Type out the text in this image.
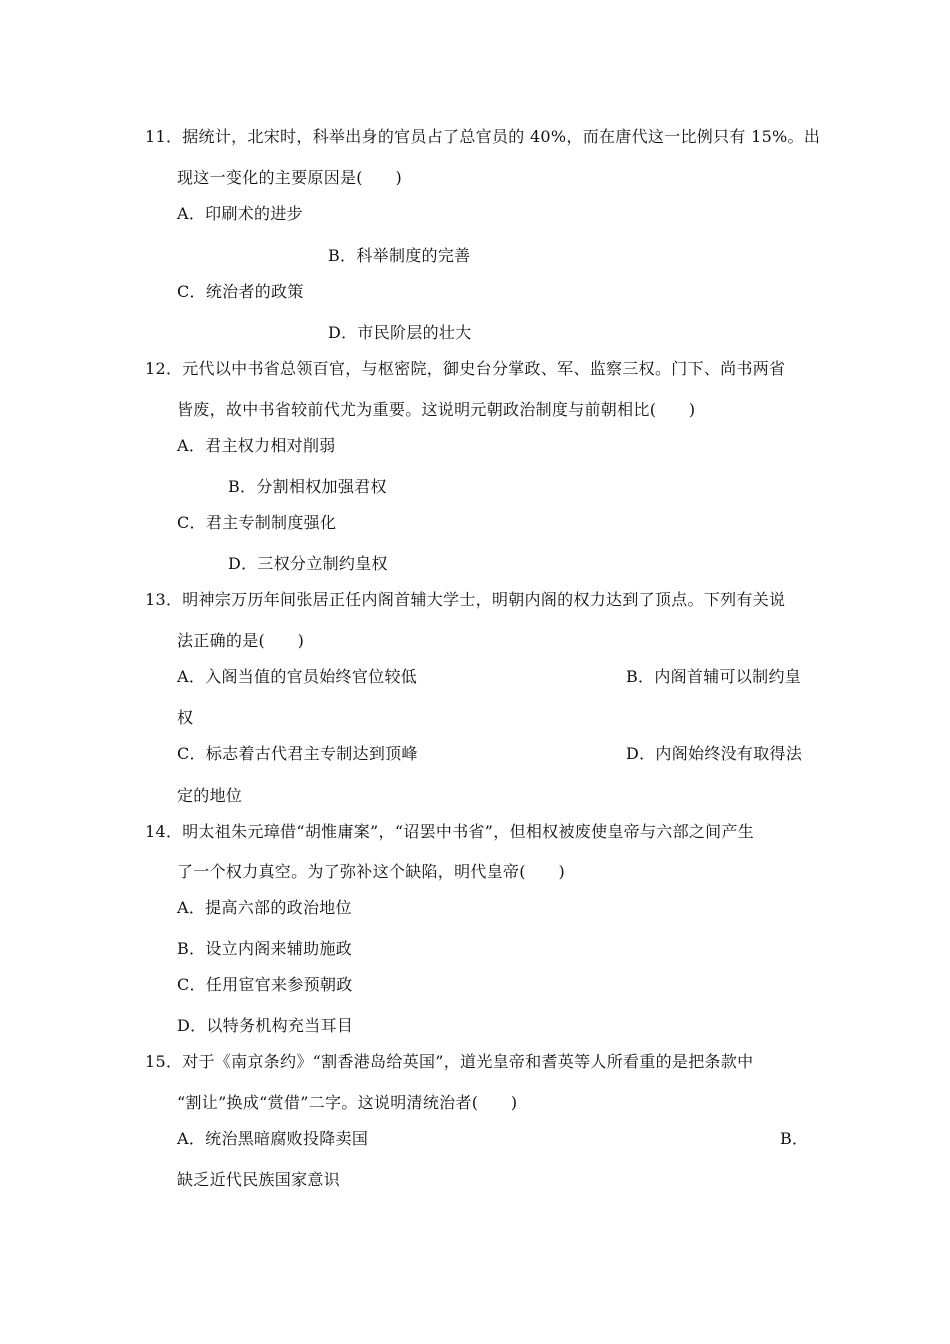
11．据统计，北宋时，科举出身的官员占了总官员的 40%，而在唐代这一比例只有 15%。出
现这一变化的主要原因是(　　)
A．印刷术的进步
B．科举制度的完善
C．统治者的政策
D．市民阶层的壮大
12．元代以中书省总领百官，与枢密院，御史台分掌政、军、监察三权。门下、尚书两省
皆废，故中书省较前代尤为重要。这说明元朝政治制度与前朝相比(　　)
A．君主权力相对削弱
B．分割相权加强君权
C．君主专制制度强化
D．三权分立制约皇权
13．明神宗万历年间张居正任内阁首辅大学士，明朝内阁的权力达到了顶点。下列有关说
法正确的是(　　)
A．入阁当值的官员始终官位较低	B．内阁首辅可以制约皇
权
C．标志着古代君主专制达到顶峰	D．内阁始终没有取得法
定的地位
14．明太祖朱元璋借“胡惟庸案”，“诏罢中书省”，但相权被废使皇帝与六部之间产生
了一个权力真空。为了弥补这个缺陷，明代皇帝(　　)
A．提高六部的政治地位
B．设立内阁来辅助施政
C．任用宦官来参预朝政
D．以特务机构充当耳目
15．对于《南京条约》“割香港岛给英国”，道光皇帝和耆英等人所看重的是把条款中
“割让”换成“赏借”二字。这说明清统治者(　　)
A．统治黑暗腐败投降卖国	B．
缺乏近代民族国家意识
